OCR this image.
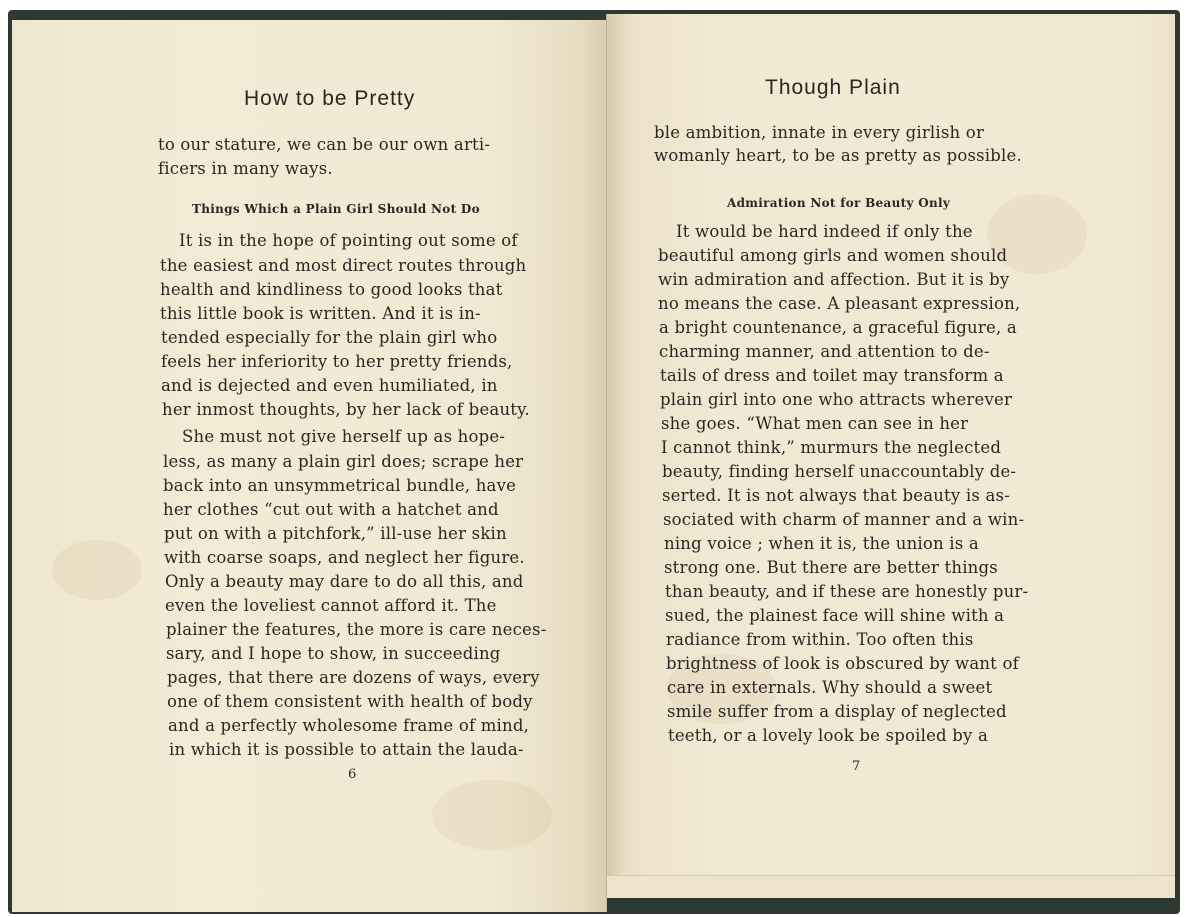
How to be Pretty
to our stature, we can be our own arti-
ficers in many ways.
Things Which a Plain Girl Should Not Do
It is in the hope of pointing out some of
the easiest and most direct routes through
health and kindliness to good looks that
this little book is written. And it is in-
tended especially for the plain girl who
feels her inferiority to her pretty friends,
and is dejected and even humiliated, in
her inmost thoughts, by her lack of beauty.
She must not give herself up as hope-
less, as many a plain girl does; scrape her
back into an unsymmetrical bundle, have
her clothes “cut out with a hatchet and
put on with a pitchfork,” ill-use her skin
with coarse soaps, and neglect her figure.
Only a beauty may dare to do all this, and
even the loveliest cannot afford it. The
plainer the features, the more is care neces-
sary, and I hope to show, in succeeding
pages, that there are dozens of ways, every
one of them consistent with health of body
and a perfectly wholesome frame of mind,
in which it is possible to attain the lauda-
6
Though Plain
ble ambition, innate in every girlish or
womanly heart, to be as pretty as possible.
Admiration Not for Beauty Only
It would be hard indeed if only the
beautiful among girls and women should
win admiration and affection. But it is by
no means the case. A pleasant expression,
a bright countenance, a graceful figure, a
charming manner, and attention to de-
tails of dress and toilet may transform a
plain girl into one who attracts wherever
she goes. “What men can see in her
I cannot think,” murmurs the neglected
beauty, finding herself unaccountably de-
serted. It is not always that beauty is as-
sociated with charm of manner and a win-
ning voice ; when it is, the union is a
strong one. But there are better things
than beauty, and if these are honestly pur-
sued, the plainest face will shine with a
radiance from within. Too often this
brightness of look is obscured by want of
care in externals. Why should a sweet
smile suffer from a display of neglected
teeth, or a lovely look be spoiled by a
7
